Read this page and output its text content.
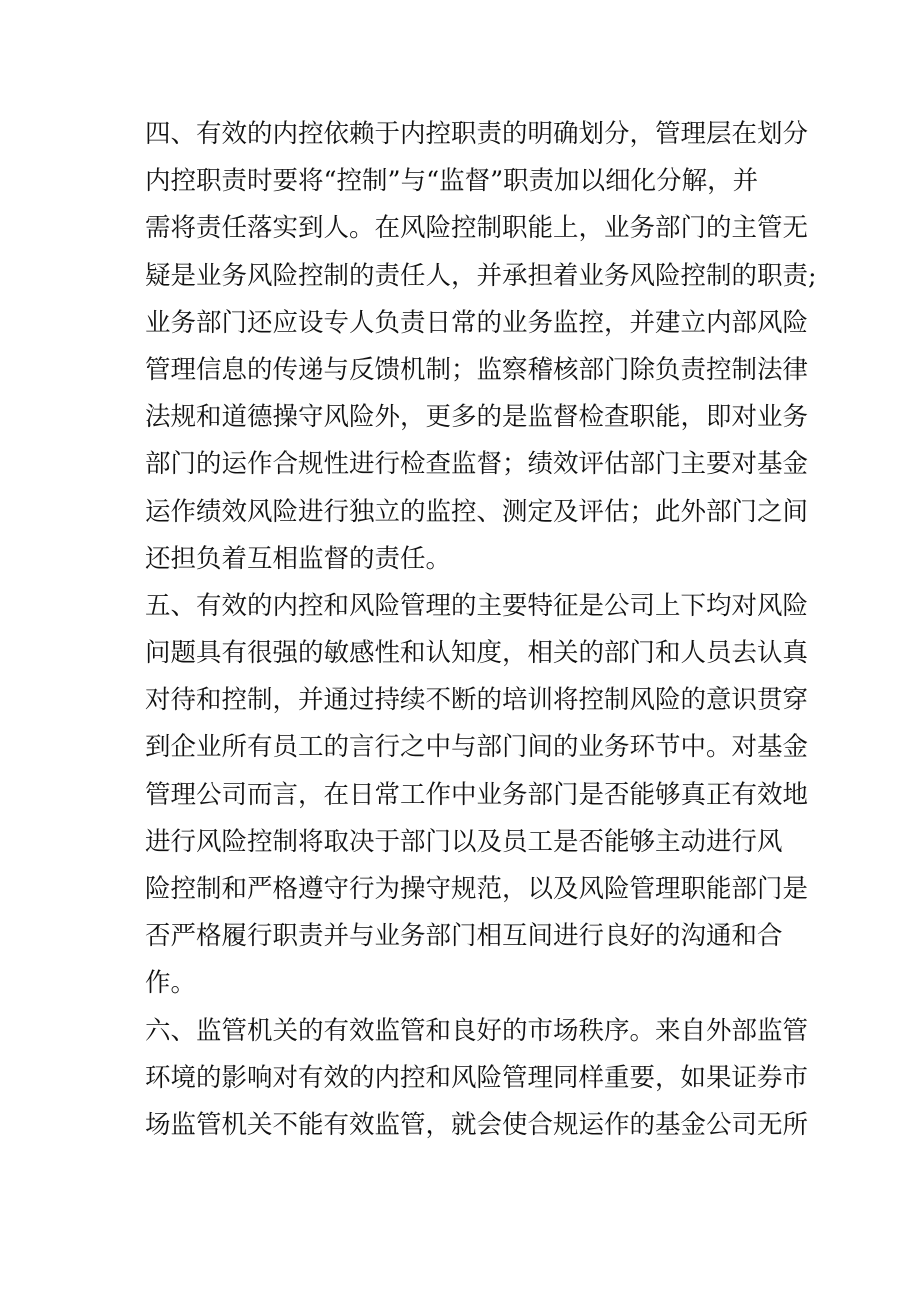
四、有效的内控依赖于内控职责的明确划分，管理层在划分
内控职责时要将“控制”与“监督”职责加以细化分解，并
需将责任落实到人。在风险控制职能上，业务部门的主管无
疑是业务风险控制的责任人，并承担着业务风险控制的职责;
业务部门还应设专人负责日常的业务监控，并建立内部风险
管理信息的传递与反馈机制；监察稽核部门除负责控制法律
法规和道德操守风险外，更多的是监督检查职能，即对业务
部门的运作合规性进行检查监督；绩效评估部门主要对基金
运作绩效风险进行独立的监控、测定及评估；此外部门之间
还担负着互相监督的责任。
五、有效的内控和风险管理的主要特征是公司上下均对风险
问题具有很强的敏感性和认知度，相关的部门和人员去认真
对待和控制，并通过持续不断的培训将控制风险的意识贯穿
到企业所有员工的言行之中与部门间的业务环节中。对基金
管理公司而言，在日常工作中业务部门是否能够真正有效地
进行风险控制将取决于部门以及员工是否能够主动进行风
险控制和严格遵守行为操守规范，以及风险管理职能部门是
否严格履行职责并与业务部门相互间进行良好的沟通和合
作。
六、监管机关的有效监管和良好的市场秩序。来自外部监管
环境的影响对有效的内控和风险管理同样重要，如果证券市
场监管机关不能有效监管，就会使合规运作的基金公司无所
